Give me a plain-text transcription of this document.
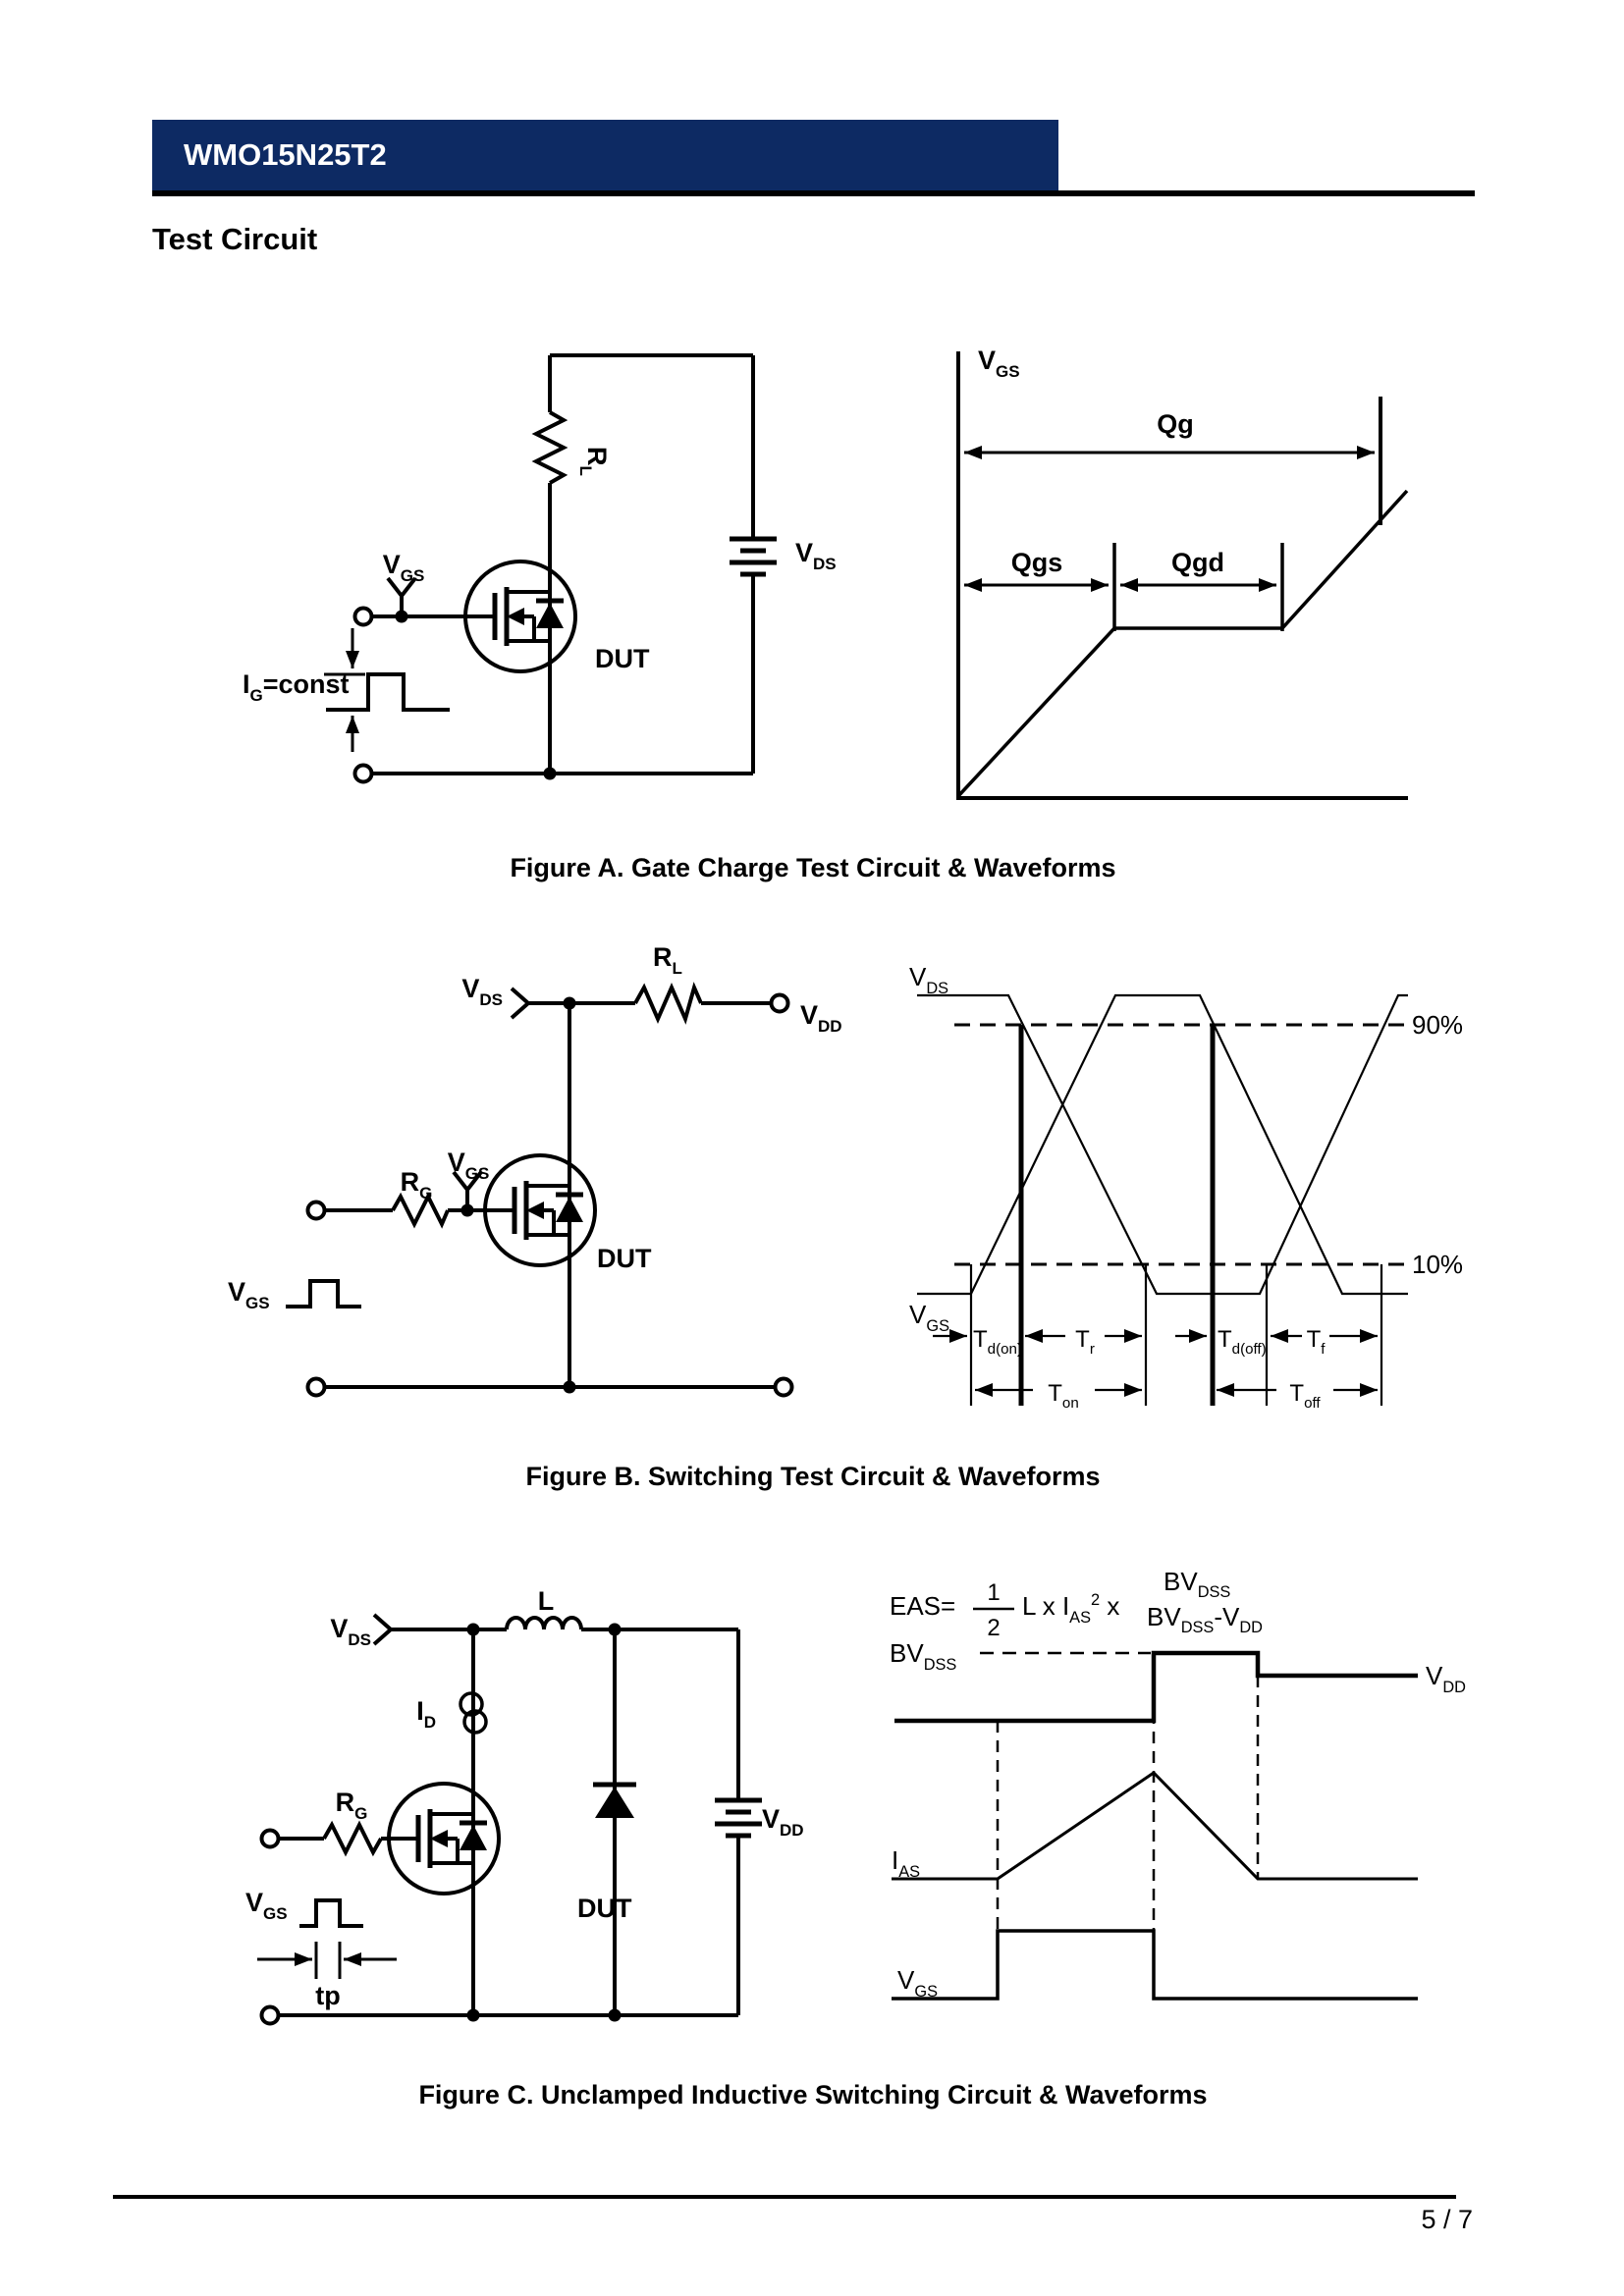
WMO15N25T2
Test Circuit
$R_L$
$V_{DS}$
$V_{GS}$
DUT
$I_G=const$
$V_{GS}$
Qg
Qgs	Qgd
Figure A. Gate Charge Test Circuit & Waveforms
$V_{DS}$
$R_L$
$V_{DD}$
$R_G$
$V_{GS}$
DUT
$V_{GS}$
$V_{DS}$
$V_{GS}$
90%
10%
$T_{d(on)}$ $T_r$	$T_{d(off)}$ $T_f$
$T_{on}$	$T_{off}$
Figure B. Switching Test Circuit & Waveforms
$V_{DS}$
L
$I_D$
$R_G$
DUT
$V_{DD}$
$V_{GS}$
tp
EAS= 1
2
L x $I_{AS}^2$ x
$BV_{DSS}$
$BV_{DSS}-V_{DD}$
$BV_{DSS}$	$V_{DD}$
$I_{AS}$
$V_{GS}$
Figure C. Unclamped Inductive Switching Circuit & Waveforms
5 / 7
